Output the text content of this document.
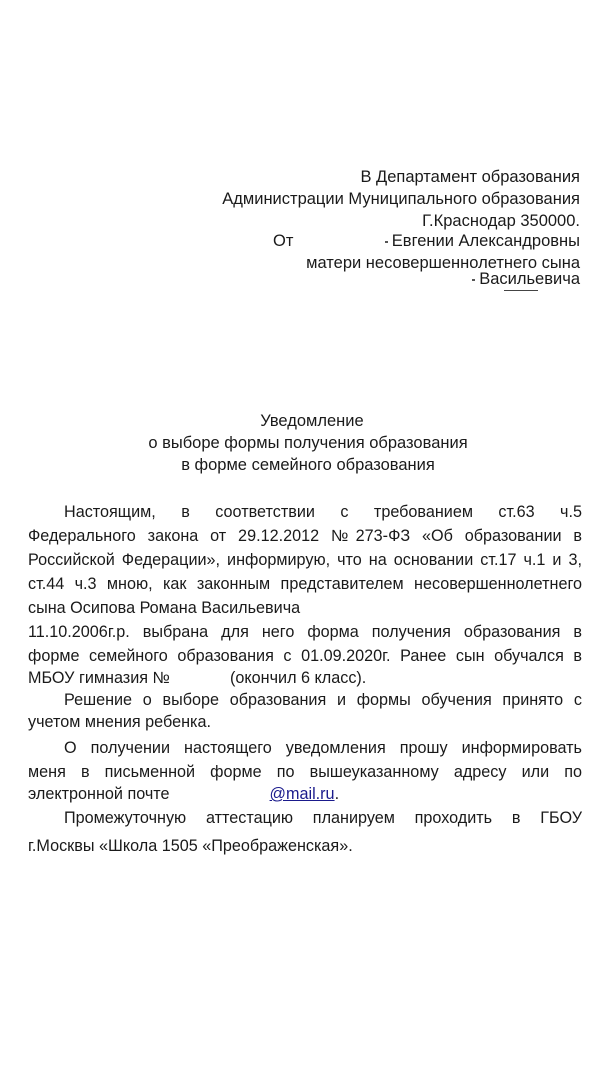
В Департамент образования
Администрации Муниципального образования
Г.Краснодар 350000.
От	Евгении Александровны
матери несовершеннолетнего сына
Васильевича
Уведомление
о выборе формы получения образования
в форме семейного образования
Настоящим, в соответствии с требованием ст.63 ч.5
Федерального закона от 29.12.2012 №273-ФЗ «Об образовании в
Российской Федерации», информирую, что на основании ст.17 ч.1 и 3,
ст.44 ч.3 мною, как законным представителем несовершеннолетнего
сына Осипова Романа Васильевича
11.10.2006г.р. выбрана для него форма получения образования в
форме семейного образования с 01.09.2020г. Ранее сын обучался в
МБОУ гимназия №	(окончил 6 класс).
Решение о выборе образования и формы обучения принято с
учетом мнения ребенка.
О получении настоящего уведомления прошу информировать
меня в письменной форме по вышеуказанному адресу или по
электронной почте	@mail.ru.
Промежуточную аттестацию планируем проходить в ГБОУ
г.Москвы «Школа 1505 «Преображенская».
